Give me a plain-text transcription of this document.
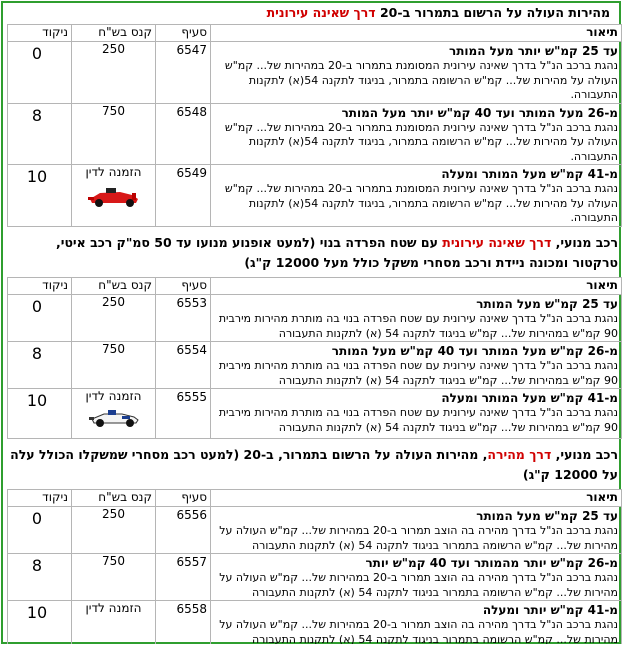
מהירות העולה על הרשום בתמרור ב-20 דרך שאינה עירונית
תיאור	סעיף	קנס בש"ח	ניקוד

עד 25 קמ"ש יותר מעל המותר
נהגת ברכב הנ"ל בדרך שאינה עירונית המסומנת בתמרור ב-20 במהירות של... קמ"ש העולה על מהירות של... קמ"ש הרשומה בתמרור, בניגוד לתקנה 54(א) לתקנות התעבורה.	6547	250	0

מ-26 מעל המותר ועד 40 קמ"ש יותר מעל המותר
נהגת ברכב הנ"ל בדרך שאינה עירונית המסומנת בתמרור ב-20 במהירות של... קמ"ש העולה על מהירות של... קמ"ש הרשומה בתמרור, בניגוד לתקנה 54(א) לתקנות התעבורה.	6548	750	8

מ-41 קמ"ש מעל המותר ומעלה
נהגת ברכב הנ"ל בדרך שאינה עירונית המסומנת בתמרור ב-20 במהירות של... קמ"ש העולה על מהירות של... קמ"ש הרשומה בתמרור, בניגוד לתקנה 54(א) לתקנות התעבורה.	6549	הזמנה לדין	10
רכב מנועי, דרך שאינה עירונית עם שטח הפרדה בנוי (למעט אופנוע מנועו עד 50 סמ"ק רכב איטי, טרקטור ומכונה ניידת ורכב מסחרי משקל כולל מעל 12000 ק"ג)
תיאור	סעיף	קנס בש"ח	ניקוד

עד 25 קמ"ש מעל המותר
נהגת ברכב הנ"ל בדרך שאינה עירונית עם שטח הפרדה בנוי בה מותרת מהירות מירבית 90 קמ"ש במהירות של... קמ"ש בניגוד לתקנה 54 (א) לתקנות התעבורה	6553	250	0

מ-26 קמ"ש מעל המותר ועד 40 קמ"ש מעל המותר
נהגת ברכב הנ"ל בדרך שאינה עירונית עם שטח הפרדה בנוי בה מותרת מהירות מירבית 90 קמ"ש במהירות של... קמ"ש בניגוד לתקנה 54 (א) לתקנות התעבורה	6554	750	8

מ-41 קמ"ש מעל המותר ומעלה
נהגת ברכב הנ"ל בדרך שאינה עירונית עם שטח הפרדה בנוי בה מותרת מהירות מירבית 90 קמ"ש במהירות של... קמ"ש בניגוד לתקנה 54 (א) לתקנות התעבורה	6555	הזמנה לדין	10
רכב מנועי, דרך מהירה, מהירות העולה על הרשום בתמרור, ב-20 (למעט רכב מסחרי שמשקלו הכולל עלה על 12000 ק"ג)
תיאור	סעיף	קנס בש"ח	ניקוד

עד 25 קמ"ש מעל המותר
נהגת ברכב הנ"ל בדרך מהירה בה הוצב תמרור ב-20 במהירות של... קמ"ש העולה על מהירות של... קמ"ש הרשומה בתמרור בניגוד לתקנה 54 (א) לתקנות התעבורה	6556	250	0

מ-26 קמ"ש יותר מהמותר ועד 40 קמ"ש יותר
נהגת ברכב הנ"ל בדרך מהירה בה הוצב תמרור ב-20 במהירות של... קמ"ש העולה על מהירות של... קמ"ש הרשומה בתמרור בניגוד לתקנה 54 (א) לתקנות התעבורה	6557	750	8

מ-41 קמ"ש יותר ומעלה
נהגת ברכב הנ"ל בדרך מהירה בה הוצב תמרור ב-20 במהירות של... קמ"ש העולה על מהירות של... קמ"ש הרשומה בתמרור בניגוד לתקנה 54 (א) לתקנות התעבורה	6558	הזמנה לדין	10
